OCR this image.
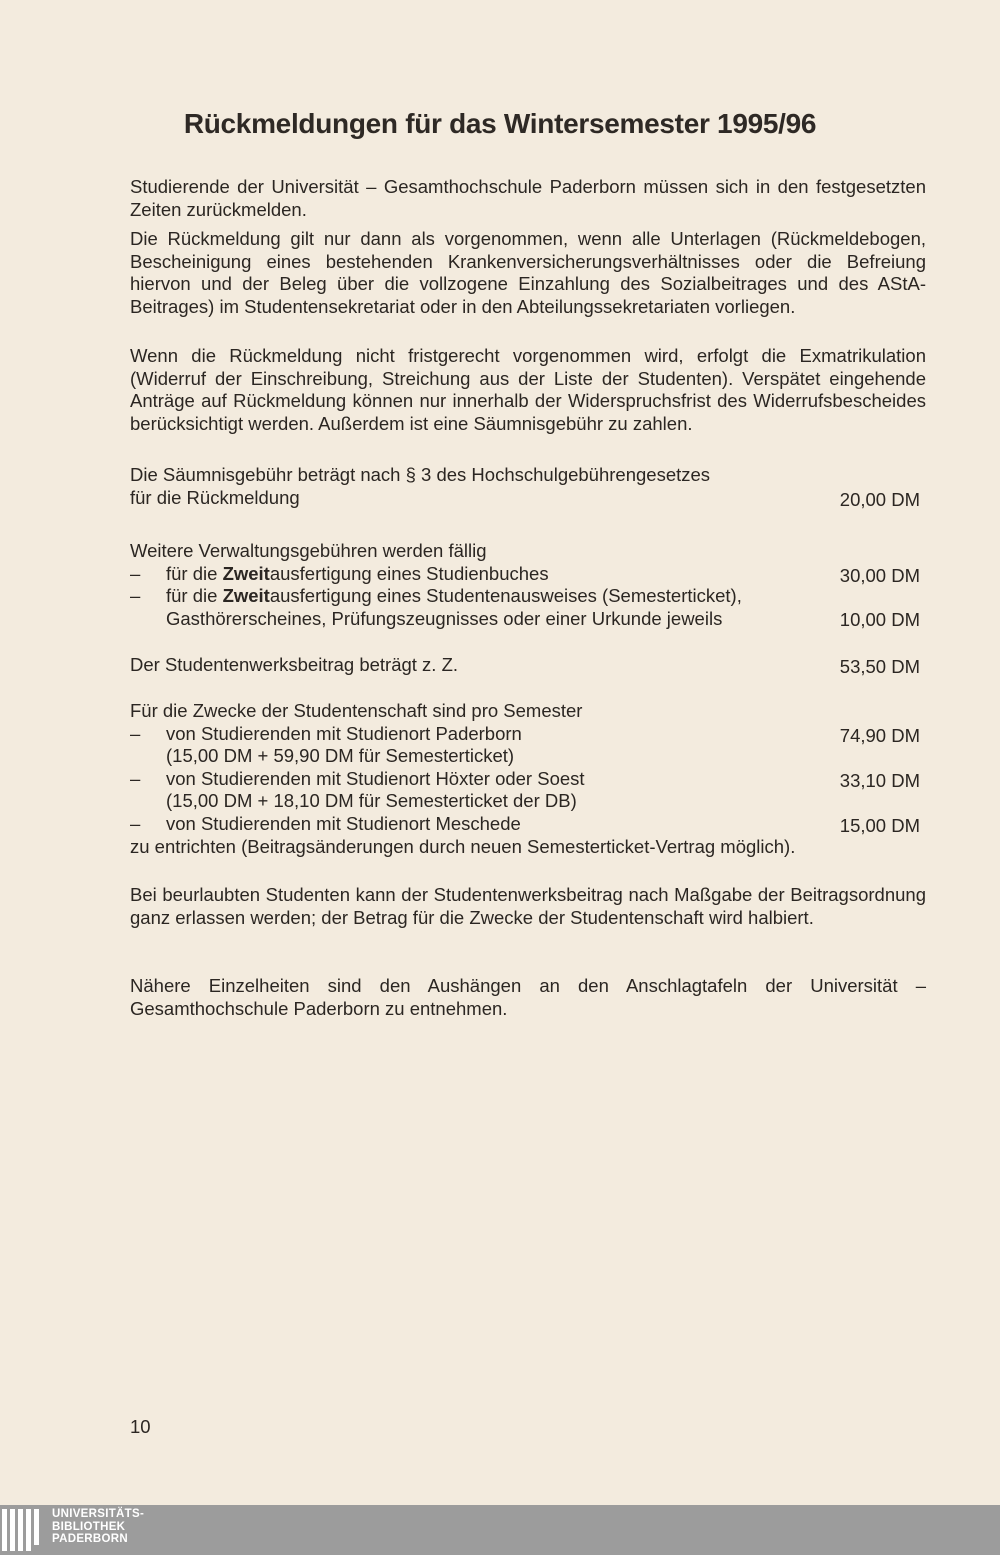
Rückmeldungen für das Wintersemester 1995/96
Studierende der Universität – Gesamthochschule Paderborn müssen sich in den festgesetzten Zeiten zurückmelden.
Die Rückmeldung gilt nur dann als vorgenommen, wenn alle Unterlagen (Rückmeldebogen, Bescheinigung eines bestehenden Krankenversicherungsverhältnisses oder die Befreiung hiervon und der Beleg über die vollzogene Einzahlung des Sozialbeitrages und des AStA- Beitrages) im Studentensekretariat oder in den Abteilungssekretariaten vorliegen.
Wenn die Rückmeldung nicht fristgerecht vorgenommen wird, erfolgt die Exmatrikulation (Widerruf der Einschreibung, Streichung aus der Liste der Studenten). Verspätet eingehende Anträge auf Rückmeldung können nur innerhalb der Widerspruchsfrist des Widerrufsbescheides berücksichtigt werden. Außerdem ist eine Säumnisgebühr zu zahlen.
Die Säumnisgebühr beträgt nach § 3 des Hochschulgebührengesetzes
für die Rückmeldung	20,00 DM
Weitere Verwaltungsgebühren werden fällig
– für die Zweitausfertigung eines Studienbuches	30,00 DM
– für die Zweitausfertigung eines Studentenausweises (Semesterticket),
Gasthörerscheines, Prüfungszeugnisses oder einer Urkunde jeweils	10,00 DM
Der Studentenwerksbeitrag beträgt z. Z.	53,50 DM
Für die Zwecke der Studentenschaft sind pro Semester
– von Studierenden mit Studienort Paderborn	74,90 DM
(15,00 DM + 59,90 DM für Semesterticket)
– von Studierenden mit Studienort Höxter oder Soest	33,10 DM
(15,00 DM + 18,10 DM für Semesterticket der DB)
– von Studierenden mit Studienort Meschede	15,00 DM
zu entrichten (Beitragsänderungen durch neuen Semesterticket-Vertrag möglich).
Bei beurlaubten Studenten kann der Studentenwerksbeitrag nach Maßgabe der Beitragsordnung ganz erlassen werden; der Betrag für die Zwecke der Studentenschaft wird halbiert.
Nähere Einzelheiten sind den Aushängen an den Anschlagtafeln der Universität – Gesamthochschule Paderborn zu entnehmen.
10
UNIVERSITÄTS-
BIBLIOTHEK
PADERBORN
